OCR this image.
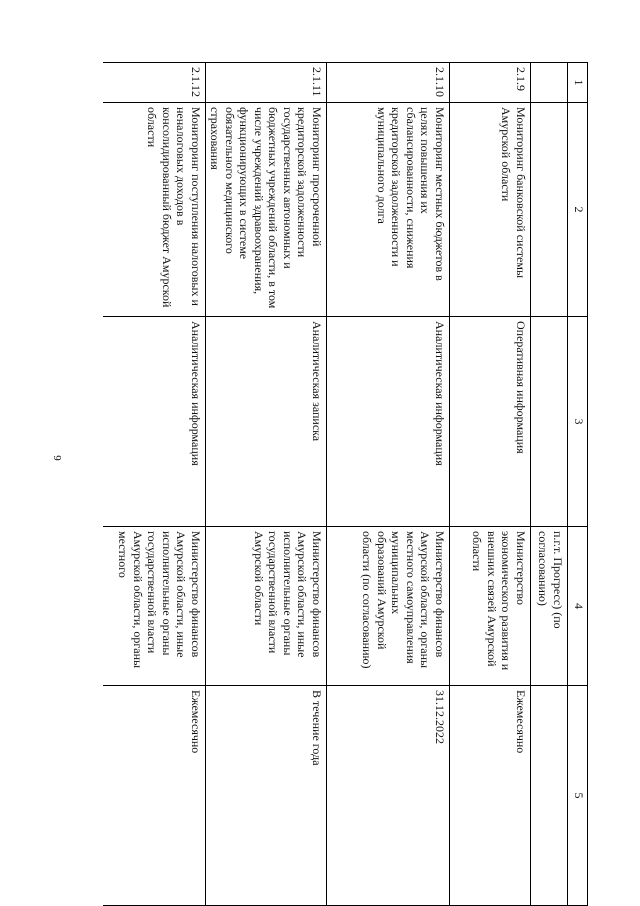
6
1	2	3	4	5
			п.г.т. Прогресс) (по согласованию)	
2.1.9	Мониторинг банковской системы Амурской области	Оперативная информация	Министерство экономического развития и внешних связей Амурской области	Ежемесячно
2.1.10	Мониторинг местных бюджетов в целях повышения их сбалансированности, снижения кредиторской задолженности и муниципального долга	Аналитическая информация	Министерство финансов Амурской области, органы местного самоуправления муниципальных образований Амурской области (по согласованию)	31.12.2022
2.1.11	Мониторинг просроченной кредиторской задолженности государственных автономных и бюджетных учреждений области, в том числе учреждений здравоохранения, функционирующих в системе обязательного медицинского страхования	Аналитическая записка	Министерство финансов Амурской области, иные исполнительные органы государственной власти Амурской области	В течение года
2.1.12	Мониторинг поступления налоговых и неналоговых доходов в консолидированный бюджет Амурской области	Аналитическая информация	Министерство финансов Амурской области, иные исполнительные органы государственной власти Амурской области, органы местного	Ежемесячно
